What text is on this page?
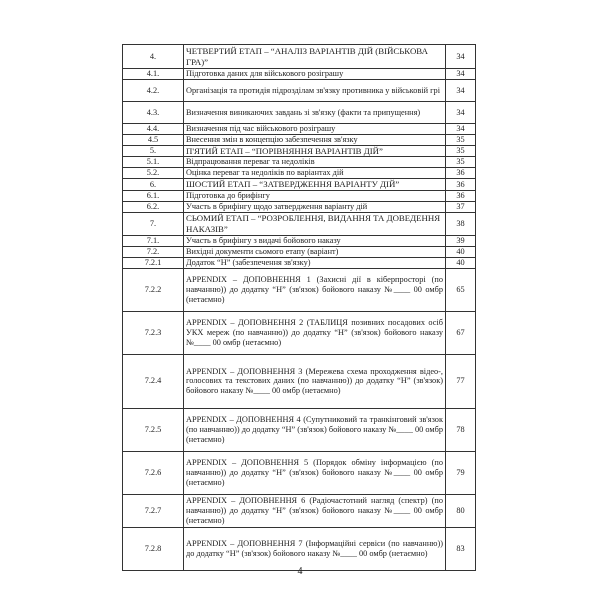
4.	ЧЕТВЕРТИЙ ЕТАП – “АНАЛІЗ ВАРІАНТІВ ДІЙ (ВІЙСЬКОВА ГРА)”	34
4.1.	Підготовка даних для військового розіграшу	34
4.2.	Організація та протидія підрозділам зв'язку противника у військовій грі	34
4.3.	Визначення виникаючих завдань зі зв'язку (факти та припущення)	34
4.4.	Визначення під час військового розіграшу	34
4.5	Внесення змін в концепцію забезпечення зв'язку	35
5.	П'ЯТИЙ ЕТАП – “ПОРІВНЯННЯ ВАРІАНТІВ ДІЙ”	35
5.1.	Відпрацювання переваг та недоліків	35
5.2.	Оцінка переваг та недоліків по варіантах дій	36
6.	ШОСТИЙ ЕТАП – “ЗАТВЕРДЖЕННЯ ВАРІАНТУ ДІЙ”	36
6.1.	Підготовка до брифінгу	36
6.2.	Участь в брифінгу щодо затвердження варіанту дій	37
7.	СЬОМИЙ ЕТАП – “РОЗРОБЛЕННЯ, ВИДАННЯ ТА ДОВЕДЕННЯ НАКАЗІВ”	38
7.1.	Участь в брифінгу з видачі бойового наказу	39
7.2.	Вихідні документи сьомого етапу (варіант)	40
7.2.1	Додаток “Н” (забезпечення зв'язку)	40
7.2.2	APPENDIX – ДОПОВНЕННЯ 1 (Захисні дії в кіберпросторі (по навчанню)) до додатку “Н” (зв'язок) бойового наказу №____ 00 омбр (нетаємно)	65
7.2.3	APPENDIX – ДОПОВНЕННЯ 2 (ТАБЛИЦЯ позивних посадових осіб УКХ мереж (по навчанню)) до додатку “Н” (зв'язок) бойового наказу №____ 00 омбр (нетаємно)	67
7.2.4	APPENDIX – ДОПОВНЕННЯ 3 (Мережева схема проходження відео-, голосових та текстових даних (по навчанню)) до додатку “Н” (зв'язок) бойового наказу №____ 00 омбр (нетаємно)	77
7.2.5	APPENDIX – ДОПОВНЕННЯ 4 (Супутниковий та транкінговий зв'язок (по навчанню)) до додатку “Н” (зв'язок) бойового наказу №____ 00 омбр (нетаємно)	78
7.2.6	APPENDIX – ДОПОВНЕННЯ 5 (Порядок обміну інформацією (по навчанню)) до додатку “Н” (зв'язок) бойового наказу №____ 00 омбр (нетаємно)	79
7.2.7	APPENDIX – ДОПОВНЕННЯ 6 (Радіочастотний нагляд (спектр) (по навчанню)) до додатку “Н” (зв'язок) бойового наказу №____ 00 омбр (нетаємно)	80
7.2.8	APPENDIX – ДОПОВНЕННЯ 7 (Інформаційні сервіси (по навчанню)) до додатку “Н” (зв'язок) бойового наказу №____ 00 омбр (нетаємно)	83
4
